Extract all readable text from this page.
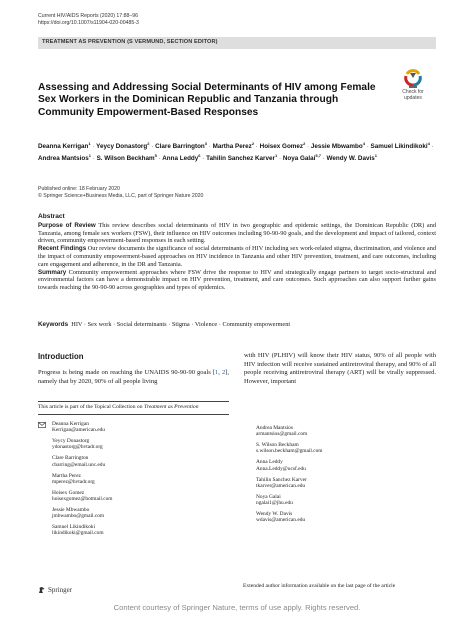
Current HIV/AIDS Reports (2020) 17:88–96
https://doi.org/10.1007/s11904-020-00485-3
TREATMENT AS PREVENTION (S VERMUND, SECTION EDITOR)
Check for
updates
Assessing and Addressing Social Determinants of HIV among Female Sex Workers in the Dominican Republic and Tanzania through Community Empowerment-Based Responses
Deanna Kerrigan$^1$ · Yeycy Donastorg$^2$ · Clare Barrington$^3$ · Martha Perez$^2$ · Hoisex Gomez$^2$ · Jessie Mbwambo$^4$ · Samuel Likindikoki$^4$ · Andrea Mantsios$^1$ · S. Wilson Beckham$^5$ · Anna Leddy$^6$ · Tahilin Sanchez Karver$^1$ · Noya Galai$^{5,7}$ · Wendy W. Davis$^1$
Published online: 18 February 2020
© Springer Science+Business Media, LLC, part of Springer Nature 2020
Abstract

Purpose of Review This review describes social determinants of HIV in two geographic and epidemic settings, the Dominican Republic (DR) and Tanzania, among female sex workers (FSW), their influence on HIV outcomes including 90-90-90 goals, and the development and impact of tailored, context driven, community empowerment-based responses in each setting.

Recent Findings Our review documents the significance of social determinants of HIV including sex work-related stigma, discrimination, and violence and the impact of community empowerment-based approaches on HIV incidence in Tanzania and other HIV prevention, treatment, and care outcomes, including care engagement and adherence, in the DR and Tanzania.

Summary Community empowerment approaches where FSW drive the response to HIV and strategically engage partners to target socio-structural and environmental factors can have a demonstrable impact on HIV prevention, treatment, and care outcomes. Such approaches can also support further gains towards reaching the 90-90-90 across geographies and types of epidemics.

Keywords HIV · Sex work · Social determinants · Stigma · Violence · Community empowerment
Introduction
Progress is being made on reaching the UNAIDS 90-90-90 goals [1, 2], namely that by 2020, 90% of all people living
with HIV (PLHIV) will know their HIV status, 90% of all people with HIV infection will receive sustained antiretroviral therapy, and 90% of all people receiving antiretroviral therapy (ART) will be virally suppressed. However, important
This article is part of the Topical Collection on Treatment as Prevention
Deanna Kerrigan
Kerrigan@american.edu
Yeycy Donastorg
ydonastorg@hvtadr.org
Clare Barrington
cbarring@email.unc.edu
Martha Perez
mperez@hvtadr.org
Hoisex Gomez
hoisexgomez@hotmail.com
Jessie Mbwambo
jmbwambo@gmail.com
Samuel Likindikoki
likindikoki@gmail.com
Andrea Mantsios
armantsios@gmail.com
S. Wilson Beckham
s.wilson.beckham@gmail.com
Anna Leddy
Anna.Leddy@ucsf.edu
Tahilin Sanchez Karver
tkarver@american.edu
Noya Galai
ngalai1@jhu.edu
Wendy W. Davis
wdavis@american.edu
Extended author information available on the last page of the article
Springer
Content courtesy of Springer Nature, terms of use apply. Rights reserved.
